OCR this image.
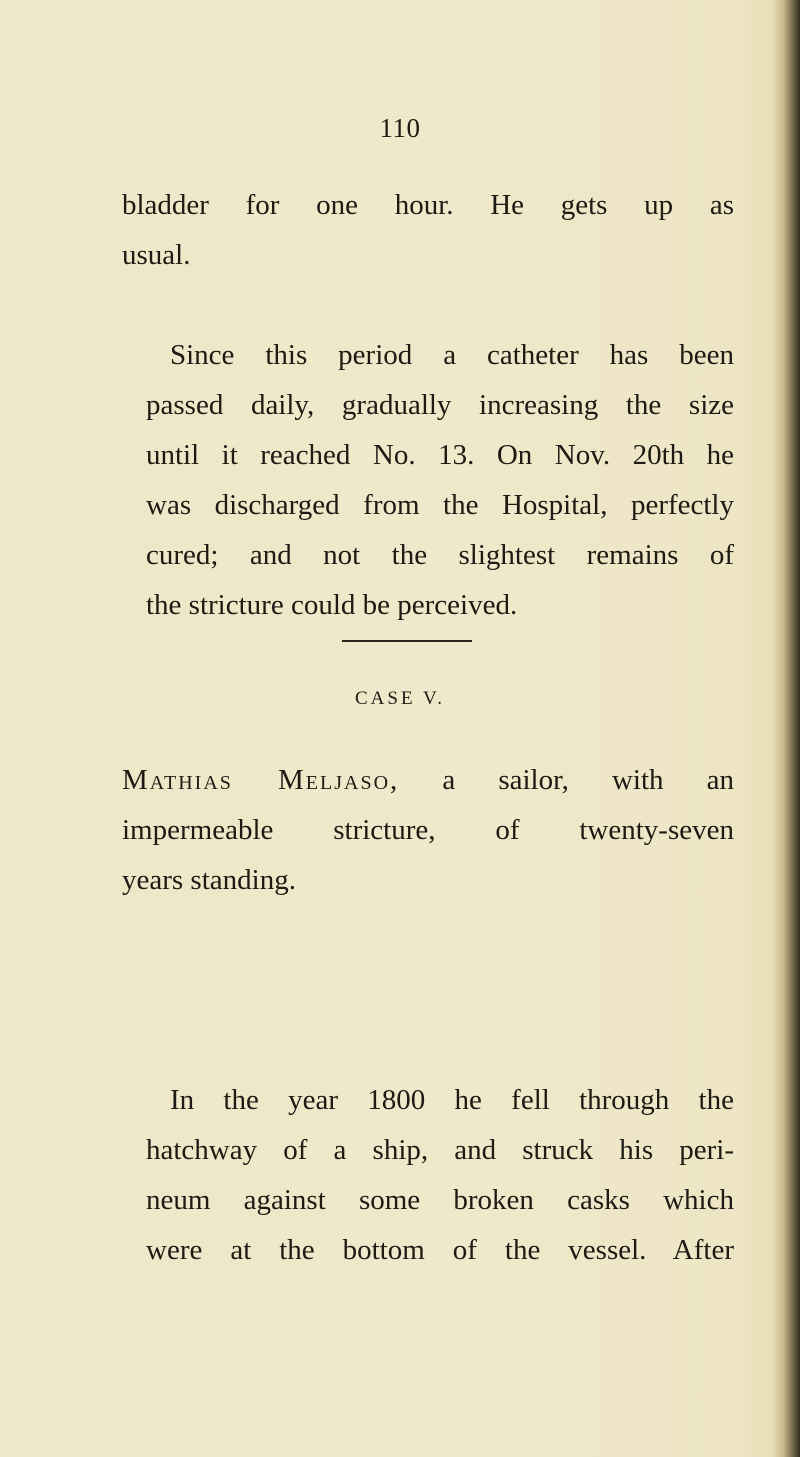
110
bladder for one hour. He gets up as
usual.
Since this period a catheter has been
passed daily, gradually increasing the size
until it reached No. 13. On Nov. 20th he
was discharged from the Hospital, perfectly
cured; and not the slightest remains of
the stricture could be perceived.
CASE V.
Mathias Meljaso, a sailor, with an
impermeable stricture, of twenty-seven
years standing.
In the year 1800 he fell through the
hatchway of a ship, and struck his peri-
neum against some broken casks which
were at the bottom of the vessel. After
